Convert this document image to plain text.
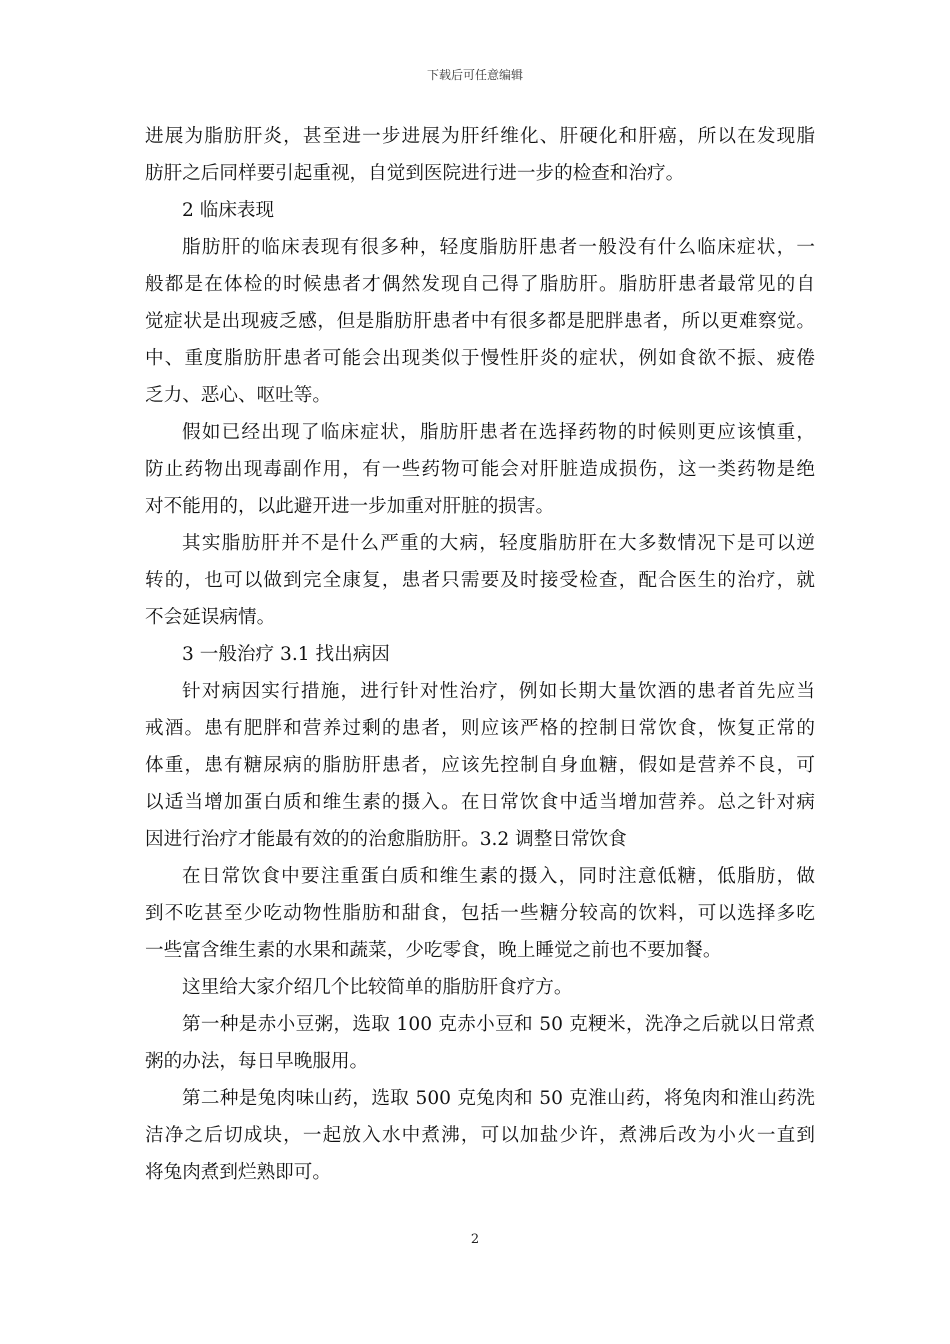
下载后可任意编辑
进展为脂肪肝炎，甚至进一步进展为肝纤维化、肝硬化和肝癌，所以在发现脂
肪肝之后同样要引起重视，自觉到医院进行进一步的检查和治疗。
2 临床表现
脂肪肝的临床表现有很多种，轻度脂肪肝患者一般没有什么临床症状，一
般都是在体检的时候患者才偶然发现自己得了脂肪肝。脂肪肝患者最常见的自
觉症状是出现疲乏感，但是脂肪肝患者中有很多都是肥胖患者，所以更难察觉。
中、重度脂肪肝患者可能会出现类似于慢性肝炎的症状，例如食欲不振、疲倦
乏力、恶心、呕吐等。
假如已经出现了临床症状，脂肪肝患者在选择药物的时候则更应该慎重，
防止药物出现毒副作用，有一些药物可能会对肝脏造成损伤，这一类药物是绝
对不能用的，以此避开进一步加重对肝脏的损害。
其实脂肪肝并不是什么严重的大病，轻度脂肪肝在大多数情况下是可以逆
转的，也可以做到完全康复，患者只需要及时接受检查，配合医生的治疗，就
不会延误病情。
3 一般治疗 3.1 找出病因
针对病因实行措施，进行针对性治疗，例如长期大量饮酒的患者首先应当
戒酒。患有肥胖和营养过剩的患者，则应该严格的控制日常饮食，恢复正常的
体重，患有糖尿病的脂肪肝患者，应该先控制自身血糖，假如是营养不良，可
以适当增加蛋白质和维生素的摄入。在日常饮食中适当增加营养。总之针对病
因进行治疗才能最有效的的治愈脂肪肝。3.2 调整日常饮食
在日常饮食中要注重蛋白质和维生素的摄入，同时注意低糖，低脂肪，做
到不吃甚至少吃动物性脂肪和甜食，包括一些糖分较高的饮料，可以选择多吃
一些富含维生素的水果和蔬菜，少吃零食，晚上睡觉之前也不要加餐。
这里给大家介绍几个比较简单的脂肪肝食疗方。
第一种是赤小豆粥，选取 100 克赤小豆和 50 克粳米，洗净之后就以日常煮
粥的办法，每日早晚服用。
第二种是兔肉味山药，选取 500 克兔肉和 50 克淮山药，将兔肉和淮山药洗
洁净之后切成块，一起放入水中煮沸，可以加盐少许，煮沸后改为小火一直到
将兔肉煮到烂熟即可。
2
